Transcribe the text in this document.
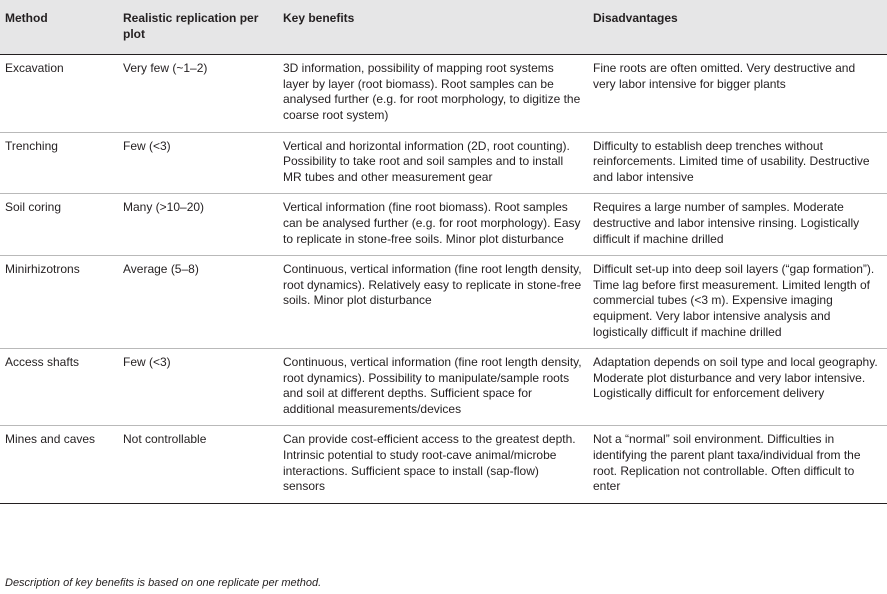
Method	Realistic replication per plot	Key benefits	Disadvantages
Excavation	Very few (~1–2)	3D information, possibility of mapping root systems layer by layer (root biomass). Root samples can be analysed further (e.g. for root morphology, to digitize the coarse root system)	Fine roots are often omitted. Very destructive and very labor intensive for bigger plants
Trenching	Few (<3)	Vertical and horizontal information (2D, root counting). Possibility to take root and soil samples and to install MR tubes and other measurement gear	Difficulty to establish deep trenches without reinforcements. Limited time of usability. Destructive and labor intensive
Soil coring	Many (>10–20)	Vertical information (fine root biomass). Root samples can be analysed further (e.g. for root morphology). Easy to replicate in stone-free soils. Minor plot disturbance	Requires a large number of samples. Moderate destructive and labor intensive rinsing. Logistically difficult if machine drilled
Minirhizotrons	Average (5–8)	Continuous, vertical information (fine root length density, root dynamics). Relatively easy to replicate in stone-free soils. Minor plot disturbance	Difficult set-up into deep soil layers (“gap formation”). Time lag before first measurement. Limited length of commercial tubes (<3 m). Expensive imaging equipment. Very labor intensive analysis and logistically difficult if machine drilled
Access shafts	Few (<3)	Continuous, vertical information (fine root length density, root dynamics). Possibility to manipulate/sample roots and soil at different depths. Sufficient space for additional measurements/devices	Adaptation depends on soil type and local geography. Moderate plot disturbance and very labor intensive. Logistically difficult for enforcement delivery
Mines and caves	Not controllable	Can provide cost-efficient access to the greatest depth. Intrinsic potential to study root-cave animal/microbe interactions. Sufficient space to install (sap-flow) sensors	Not a “normal” soil environment. Difficulties in identifying the parent plant taxa/individual from the root. Replication not controllable. Often difficult to enter
Description of key benefits is based on one replicate per method.
